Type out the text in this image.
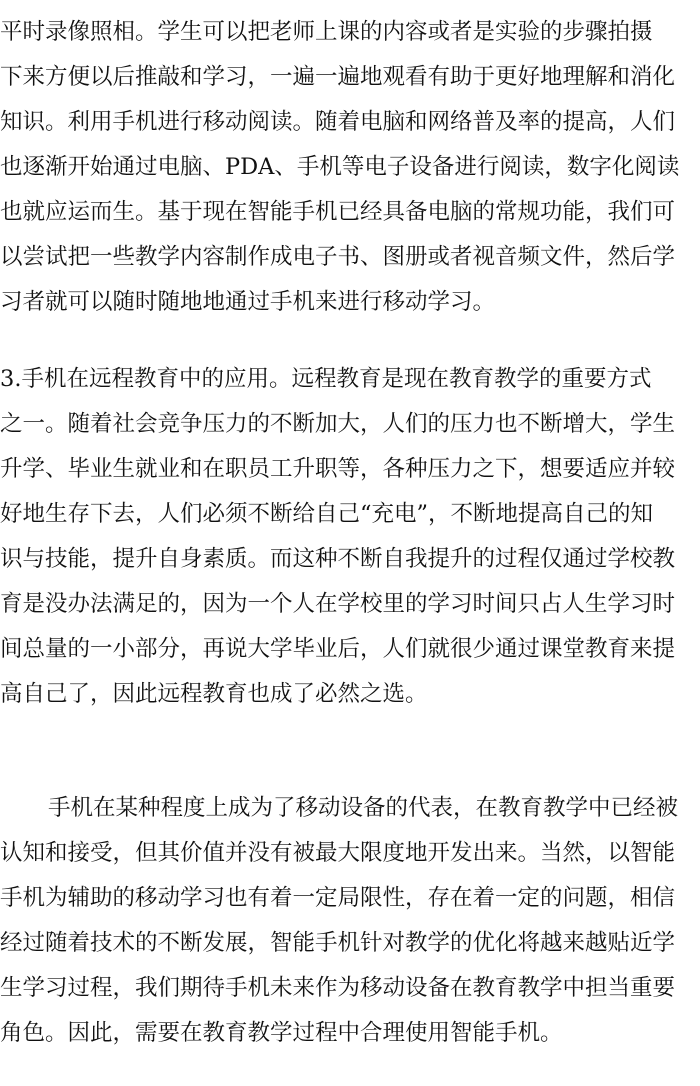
平时录像照相。学生可以把老师上课的内容或者是实验的步骤拍摄
下来方便以后推敲和学习，一遍一遍地观看有助于更好地理解和消化
知识。利用手机进行移动阅读。随着电脑和网络普及率的提高，人们
也逐渐开始通过电脑、PDA、手机等电子设备进行阅读，数字化阅读
也就应运而生。基于现在智能手机已经具备电脑的常规功能，我们可
以尝试把一些教学内容制作成电子书、图册或者视音频文件，然后学
习者就可以随时随地地通过手机来进行移动学习。
3.手机在远程教育中的应用。远程教育是现在教育教学的重要方式
之一。随着社会竞争压力的不断加大，人们的压力也不断增大，学生
升学、毕业生就业和在职员工升职等，各种压力之下，想要适应并较
好地生存下去，人们必须不断给自己“充电”，不断地提高自己的知
识与技能，提升自身素质。而这种不断自我提升的过程仅通过学校教
育是没办法满足的，因为一个人在学校里的学习时间只占人生学习时
间总量的一小部分，再说大学毕业后，人们就很少通过课堂教育来提
高自己了，因此远程教育也成了必然之选。
手机在某种程度上成为了移动设备的代表，在教育教学中已经被
认知和接受，但其价值并没有被最大限度地开发出来。当然，以智能
手机为辅助的移动学习也有着一定局限性，存在着一定的问题，相信
经过随着技术的不断发展，智能手机针对教学的优化将越来越贴近学
生学习过程，我们期待手机未来作为移动设备在教育教学中担当重要
角色。因此，需要在教育教学过程中合理使用智能手机。
